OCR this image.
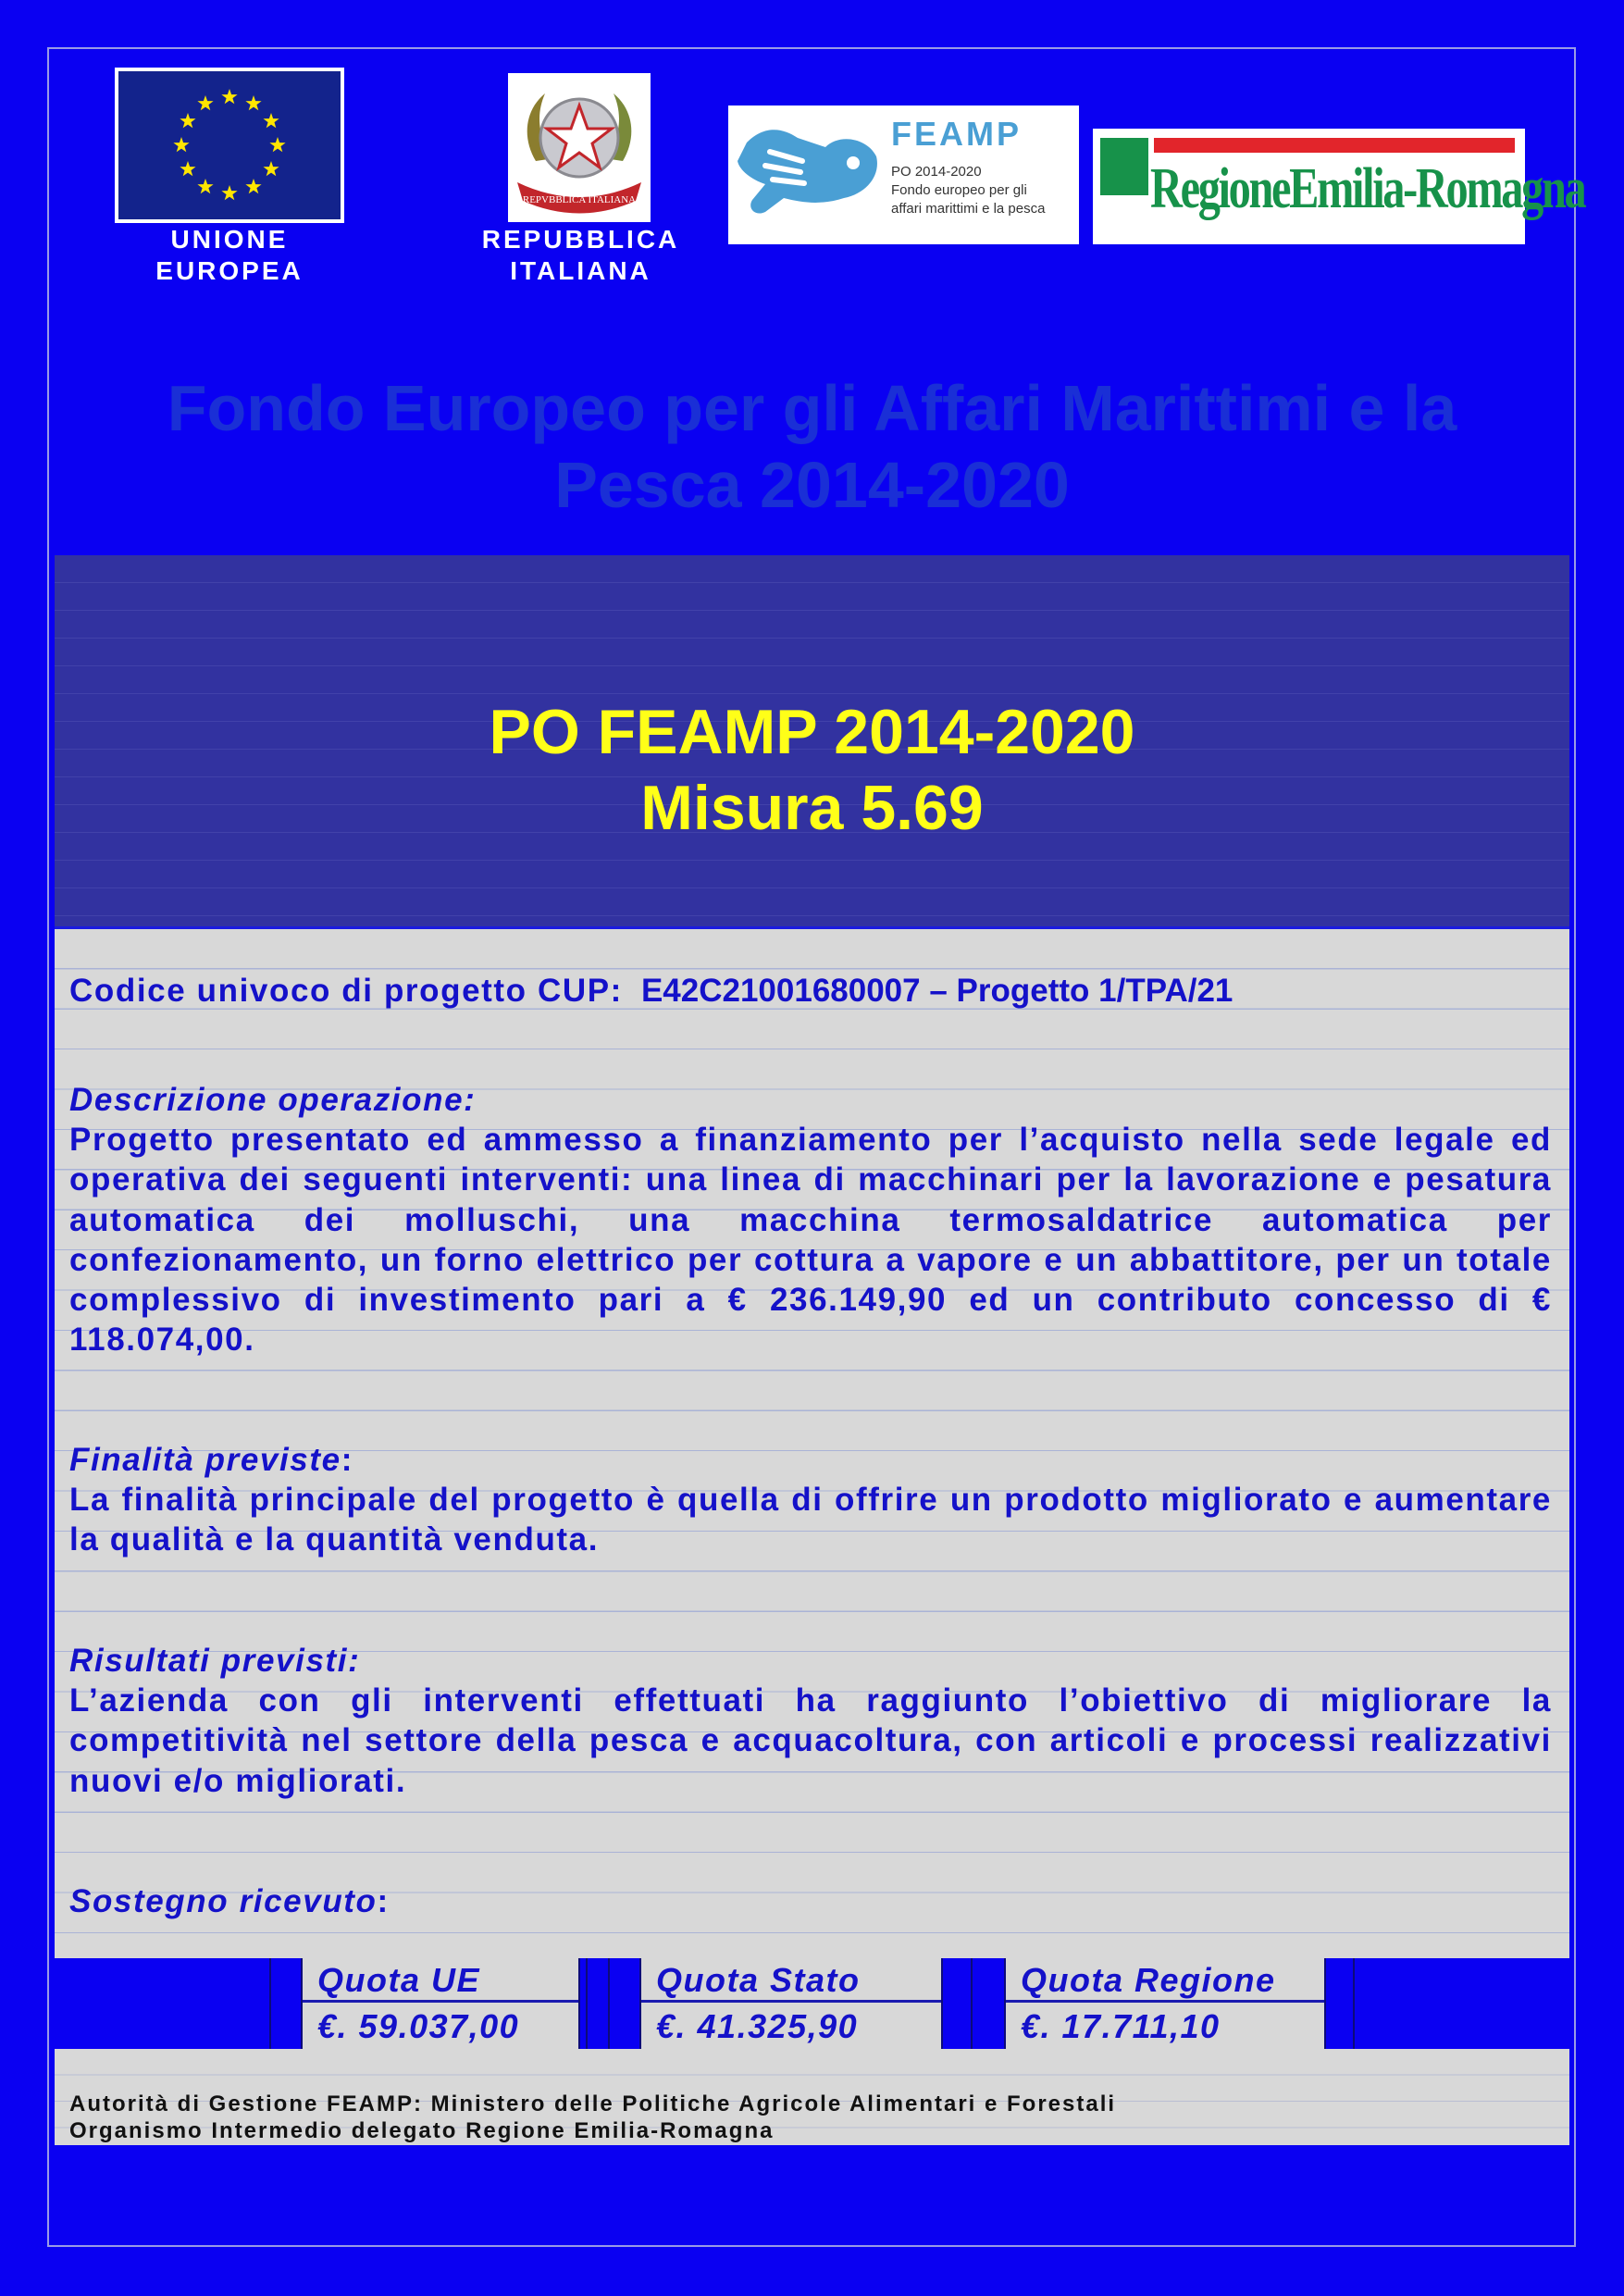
UNIONE
EUROPEA
REPVBBLICA ITALIANA
REPUBBLICA
ITALIANA
FEAMP
PO 2014-2020
Fondo europeo per gli
affari marittimi e la pesca	RegioneEmilia-Romagna
Fondo Europeo per gli Affari Marittimi e la
Pesca 2014-2020
PO FEAMP 2014-2020
Misura 5.69
Codice univoco di progetto CUP: E42C21001680007 – Progetto 1/TPA/21
Descrizione operazione:
Progetto presentato ed ammesso a finanziamento per l’acquisto nella sede legale ed operativa dei seguenti interventi: una linea di macchinari per la lavorazione e pesatura automatica dei molluschi, una macchina termosaldatrice automatica per confezionamento, un forno elettrico per cottura a vapore e un abbattitore, per un totale complessivo di investimento pari a € 236.149,90 ed un contributo concesso di € 118.074,00.
Finalità previste:
La finalità principale del progetto è quella di offrire un prodotto migliorato e aumentare la qualità e la quantità venduta.
Risultati previsti:
L’azienda con gli interventi effettuati ha raggiunto l’obiettivo di migliorare la competitività nel settore della pesca e acquacoltura, con articoli e processi realizzativi nuovi e/o migliorati.
Sostegno ricevuto:
Quota UE
€. 59.037,00
Quota Stato
€. 41.325,90
Quota Regione
€. 17.711,10
Autorità di Gestione FEAMP: Ministero delle Politiche Agricole Alimentari e Forestali
Organismo Intermedio delegato Regione Emilia-Romagna
